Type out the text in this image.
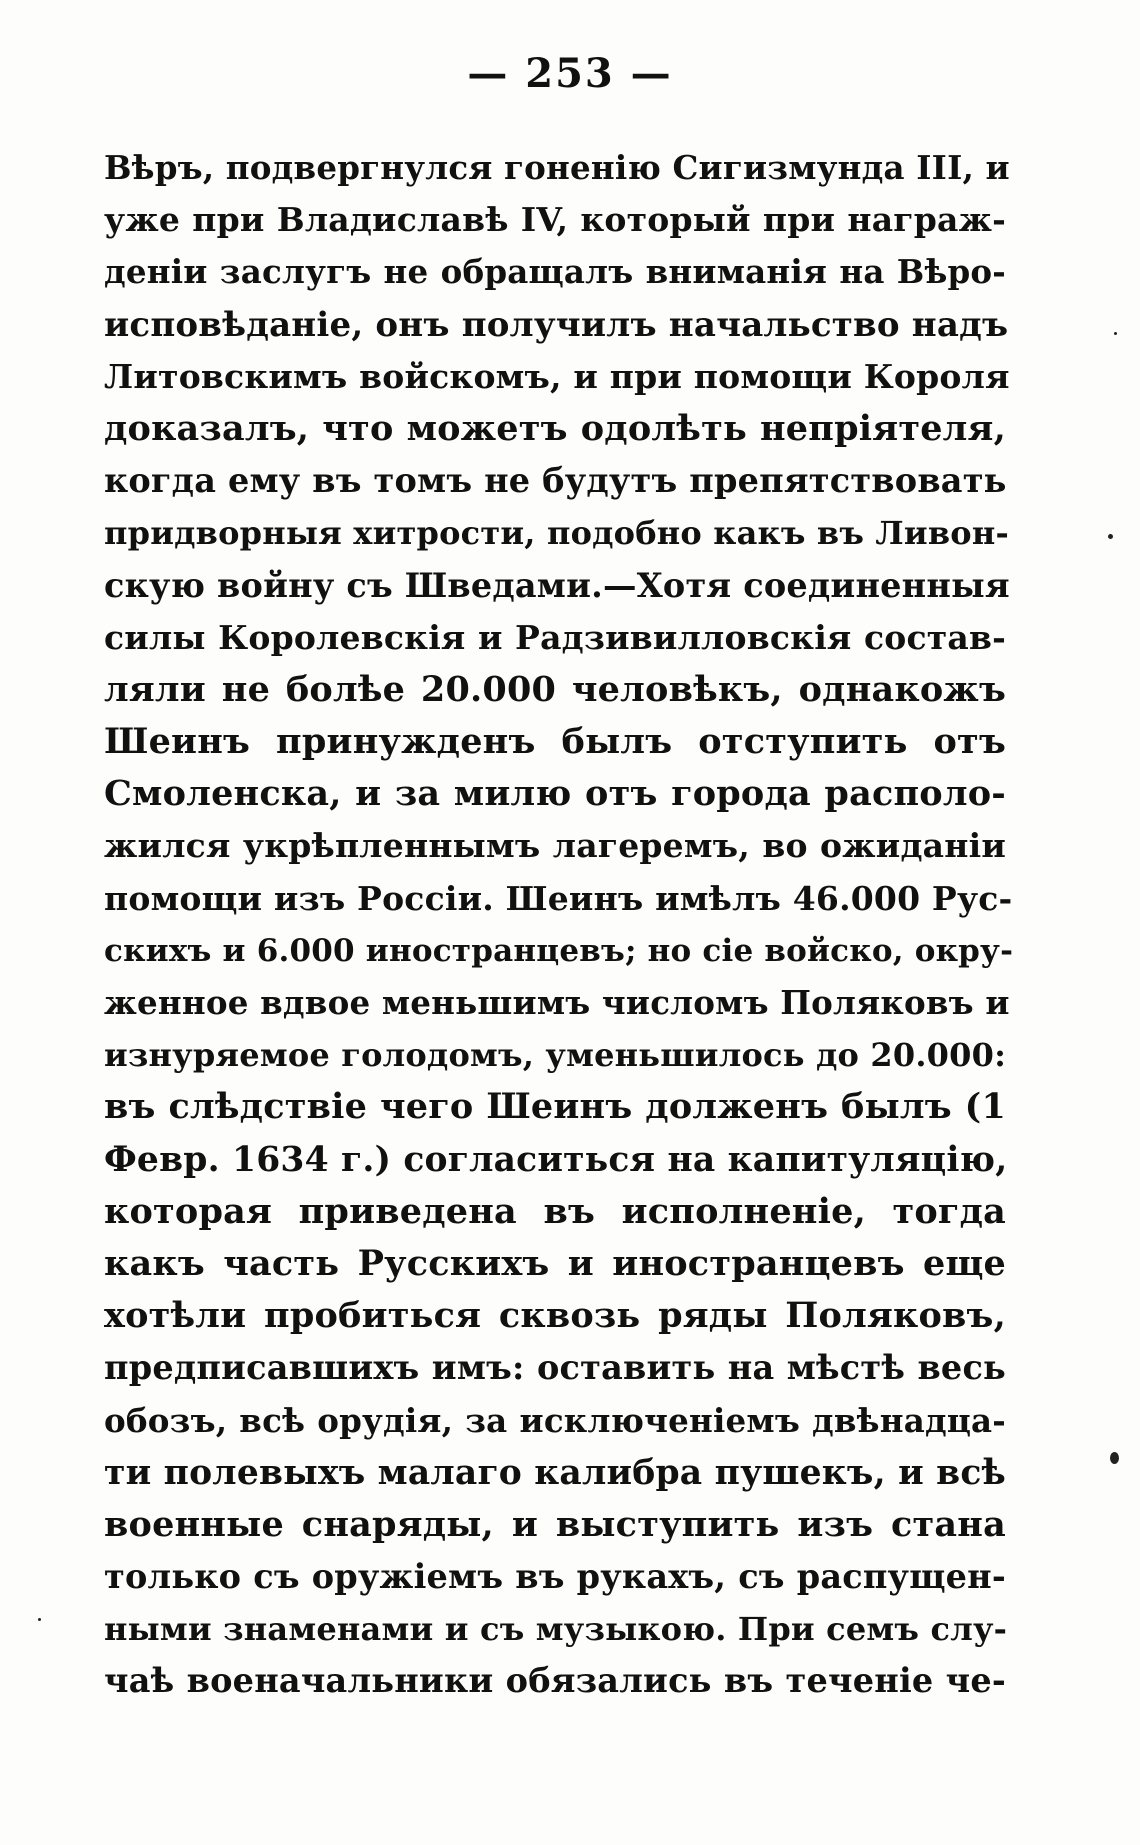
— 253 —
Вѣръ, подвергнулся гоненію Сигизмунда III, и
уже при Владиславѣ IV, который при награж-
деніи заслугъ не обращалъ вниманія на Вѣро-
исповѣданіе, онъ получилъ начальство надъ
Литовскимъ войскомъ, и при помощи Короля
доказалъ, что можетъ одолѣть непріятеля,
когда ему въ томъ не будутъ препятствовать
придворныя хитрости, подобно какъ въ Ливон-
скую войну съ Шведами.—Хотя соединенныя
силы Королевскія и Радзивилловскія состав-
ляли не болѣе 20.000 человѣкъ, однакожъ
Шеинъ принужденъ былъ отступить отъ
Смоленска, и за милю отъ города располо-
жился укрѣпленнымъ лагеремъ, во ожиданіи
помощи изъ Россіи. Шеинъ имѣлъ 46.000 Рус-
скихъ и 6.000 иностранцевъ; но сіе войско, окру-
женное вдвое меньшимъ числомъ Поляковъ и
изнуряемое голодомъ, уменьшилось до 20.000:
въ слѣдствіе чего Шеинъ долженъ былъ (1
Февр. 1634 г.) согласиться на капитуляцію,
которая приведена въ исполненіе, тогда
какъ часть Русскихъ и иностранцевъ еще
хотѣли пробиться сквозь ряды Поляковъ,
предписавшихъ имъ: оставить на мѣстѣ весь
обозъ, всѣ орудія, за исключеніемъ двѣнадца-
ти полевыхъ малаго калибра пушекъ, и всѣ
военные снаряды, и выступить изъ стана
только съ оружіемъ въ рукахъ, съ распущен-
ными знаменами и съ музыкою. При семъ слу-
чаѣ военачальники обязались въ теченіе че-
